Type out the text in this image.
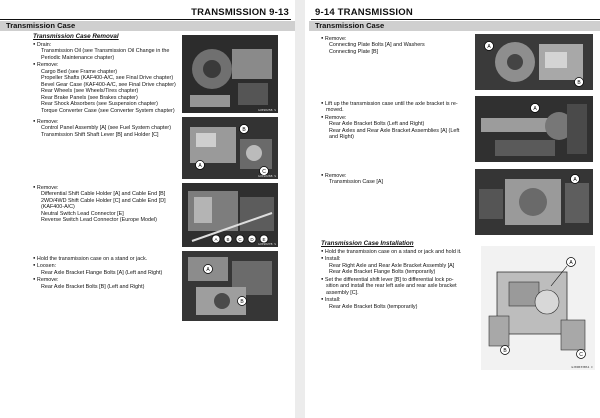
TRANSMISSION 9-13
Transmission Case
Transmission Case Removal
● Drain:
Transmission Oil (see Transmission Oil Change in the
Periodic Maintenance chapter)
● Remove:
Cargo Bed (see Frame chapter)
Propeller Shafts (KAF400-A/C, see Final Drive chapter)
Bevel Gear Case (KAF400-A/C, see Final Drive chapter)
Rear Wheels (see Wheels/Tires chapter)
Rear Brake Panels (see Brakes chapter)
Rear Shock Absorbers (see Suspension chapter)
Torque Converter Case (see Converter System chapter)
● Remove:
Control Panel Assembly [A] (see Fuel System chapter)
Transmission Shift Shaft Lever [B] and Holder [C]
● Remove:
Differential Shift Cable Holder [A] and Cable End [B]
2WD/4WD Shift Cable Holder [C] and Cable End [D]
(KAF400-A/C)
Neutral Switch Lead Connector [E]
Reverse Switch Lead Connector (Europe Model)
● Hold the transmission case on a stand or jack.
● Loosen:
Rear Axle Bracket Flange Bolts [A] (Left and Right)
● Remove:
Rear Axle Bracket Bolts [B] (Left and Right)
GJ09025B S
A
B
C
GJ09026B S
A B C D E
GJ09027B S
A
B
9-14 TRANSMISSION
Transmission Case
● Remove:
Connecting Plate Bolts [A] and Washers
Connecting Plate [B]
● Lift up the transmission case until the axle bracket is re-
moved.
● Remove:
Rear Axle Bracket Bolts (Left and Right)
Rear Axles and Rear Axle Bracket Assemblies [A] (Left
and Right)
● Remove:
Transmission Case [A]
Transmission Case Installation
● Hold the transmission case on a stand or jack and hold it.
● Install:
Rear Right Axle and Rear Axle Bracket Assembly [A]
Rear Axle Bracket Flange Bolts (temporarily)
● Set the differential shift lever [B] to differential lock po-
sition and install the rear left axle and rear axle bracket
assembly [C].
● Install:
Rear Axle Bracket Bolts (temporarily)
A
B
A
A
A
B
C
GJ09033BS1 C
